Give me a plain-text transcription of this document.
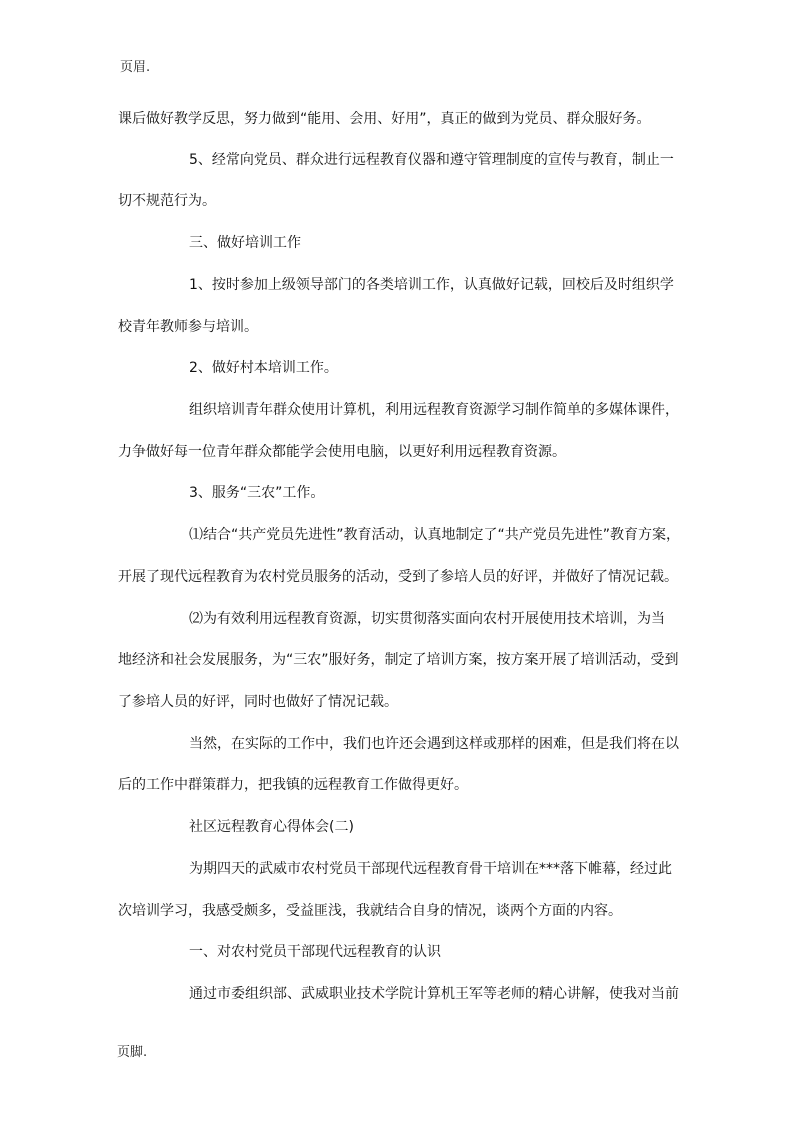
页眉.
课后做好教学反思，努力做到“能用、会用、好用”，真正的做到为党员、群众服好务。
5、经常向党员、群众进行远程教育仪器和遵守管理制度的宣传与教育，制止一
切不规范行为。
三、做好培训工作
1、按时参加上级领导部门的各类培训工作，认真做好记载，回校后及时组织学
校青年教师参与培训。
2、做好村本培训工作。
组织培训青年群众使用计算机，利用远程教育资源学习制作简单的多媒体课件，
力争做好每一位青年群众都能学会使用电脑，以更好利用远程教育资源。
3、服务“三农”工作。
⑴结合“共产党员先进性”教育活动，认真地制定了“共产党员先进性”教育方案，
开展了现代远程教育为农村党员服务的活动，受到了参培人员的好评，并做好了情况记载。
⑵为有效利用远程教育资源，切实贯彻落实面向农村开展使用技术培训，为当
地经济和社会发展服务，为“三农”服好务，制定了培训方案，按方案开展了培训活动，受到
了参培人员的好评，同时也做好了情况记载。
当然，在实际的工作中，我们也许还会遇到这样或那样的困难，但是我们将在以
后的工作中群策群力，把我镇的远程教育工作做得更好。
社区远程教育心得体会(二)
为期四天的武威市农村党员干部现代远程教育骨干培训在***落下帷幕，经过此
次培训学习，我感受颇多，受益匪浅，我就结合自身的情况，谈两个方面的内容。
一、对农村党员干部现代远程教育的认识
通过市委组织部、武威职业技术学院计算机王军等老师的精心讲解，使我对当前
页脚.
